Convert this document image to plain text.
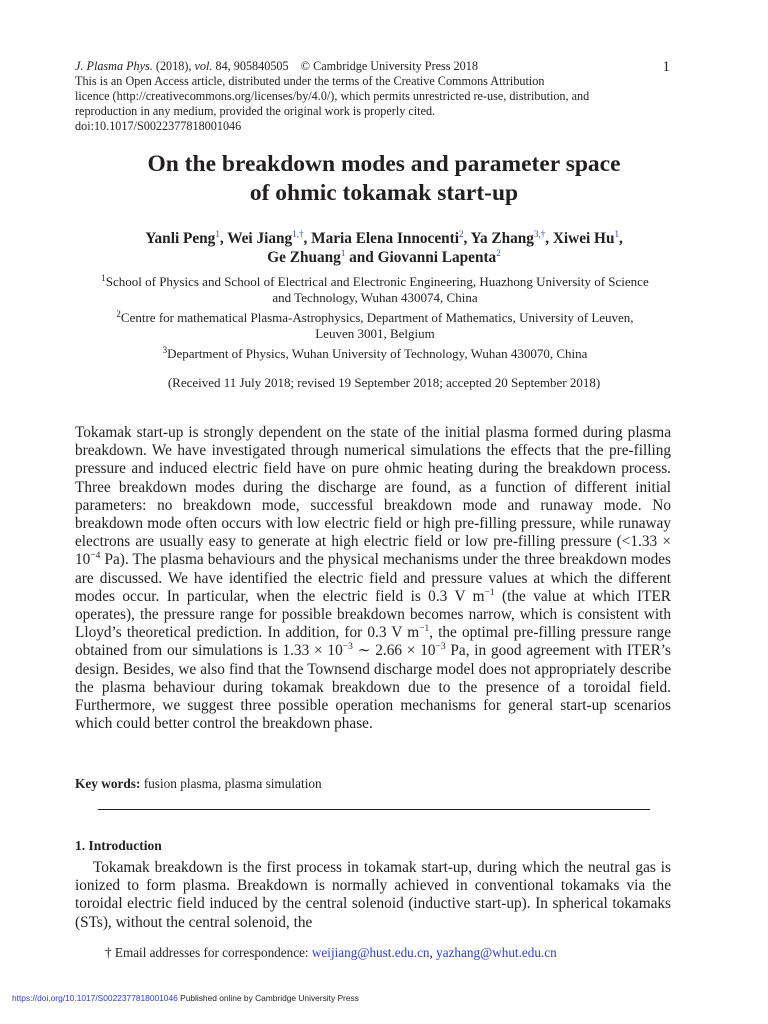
J. Plasma Phys. (2018), vol. 84, 905840505 © Cambridge University Press 2018
This is an Open Access article, distributed under the terms of the Creative Commons Attribution
licence (http://creativecommons.org/licenses/by/4.0/), which permits unrestricted re-use, distribution, and
reproduction in any medium, provided the original work is properly cited.
doi:10.1017/S0022377818001046
1
On the breakdown modes and parameter space
of ohmic tokamak start-up
Yanli Peng$^1$, Wei Jiang$^{1,\dagger}$, Maria Elena Innocenti$^2$, Ya Zhang$^{3,\dagger}$, Xiwei Hu$^1$,
Ge Zhuang$^1$ and Giovanni Lapenta$^2$
$^1$School of Physics and School of Electrical and Electronic Engineering, Huazhong University of Science
and Technology, Wuhan 430074, China
$^2$Centre for mathematical Plasma-Astrophysics, Department of Mathematics, University of Leuven,
Leuven 3001, Belgium
$^3$Department of Physics, Wuhan University of Technology, Wuhan 430070, China
(Received 11 July 2018; revised 19 September 2018; accepted 20 September 2018)
Tokamak start-up is strongly dependent on the state of the initial plasma formed during plasma breakdown. We have investigated through numerical simulations the effects that the pre-filling pressure and induced electric field have on pure ohmic heating during the breakdown process. Three breakdown modes during the discharge are found, as a function of different initial parameters: no breakdown mode, successful breakdown mode and runaway mode. No breakdown mode often occurs with low electric field or high pre-filling pressure, while runaway electrons are usually easy to generate at high electric field or low pre-filling pressure ($<1.33 \times 10^{-4}$ Pa). The plasma behaviours and the physical mechanisms under the three breakdown modes are discussed. We have identified the electric field and pressure values at which the different modes occur. In particular, when the electric field is 0.3 V $m^{-1}$ (the value at which ITER operates), the pressure range for possible breakdown becomes narrow, which is consistent with Lloyd’s theoretical prediction. In addition, for 0.3 V $m^{-1}$, the optimal pre-filling pressure range obtained from our simulations is $1.33 \times 10^{-3}$ ∼ $2.66 \times 10^{-3}$ Pa, in good agreement with ITER’s design. Besides, we also find that the Townsend discharge model does not appropriately describe the plasma behaviour during tokamak breakdown due to the presence of a toroidal field. Furthermore, we suggest three possible operation mechanisms for general start-up scenarios which could better control the breakdown phase.
Key words: fusion plasma, plasma simulation
1. Introduction
Tokamak breakdown is the first process in tokamak start-up, during which the neutral gas is ionized to form plasma. Breakdown is normally achieved in conventional tokamaks via the toroidal electric field induced by the central solenoid (inductive start-up). In spherical tokamaks (STs), without the central solenoid, the
† Email addresses for correspondence: weijiang@hust.edu.cn, yazhang@whut.edu.cn
https://doi.org/10.1017/S0022377818001046 Published online by Cambridge University Press
